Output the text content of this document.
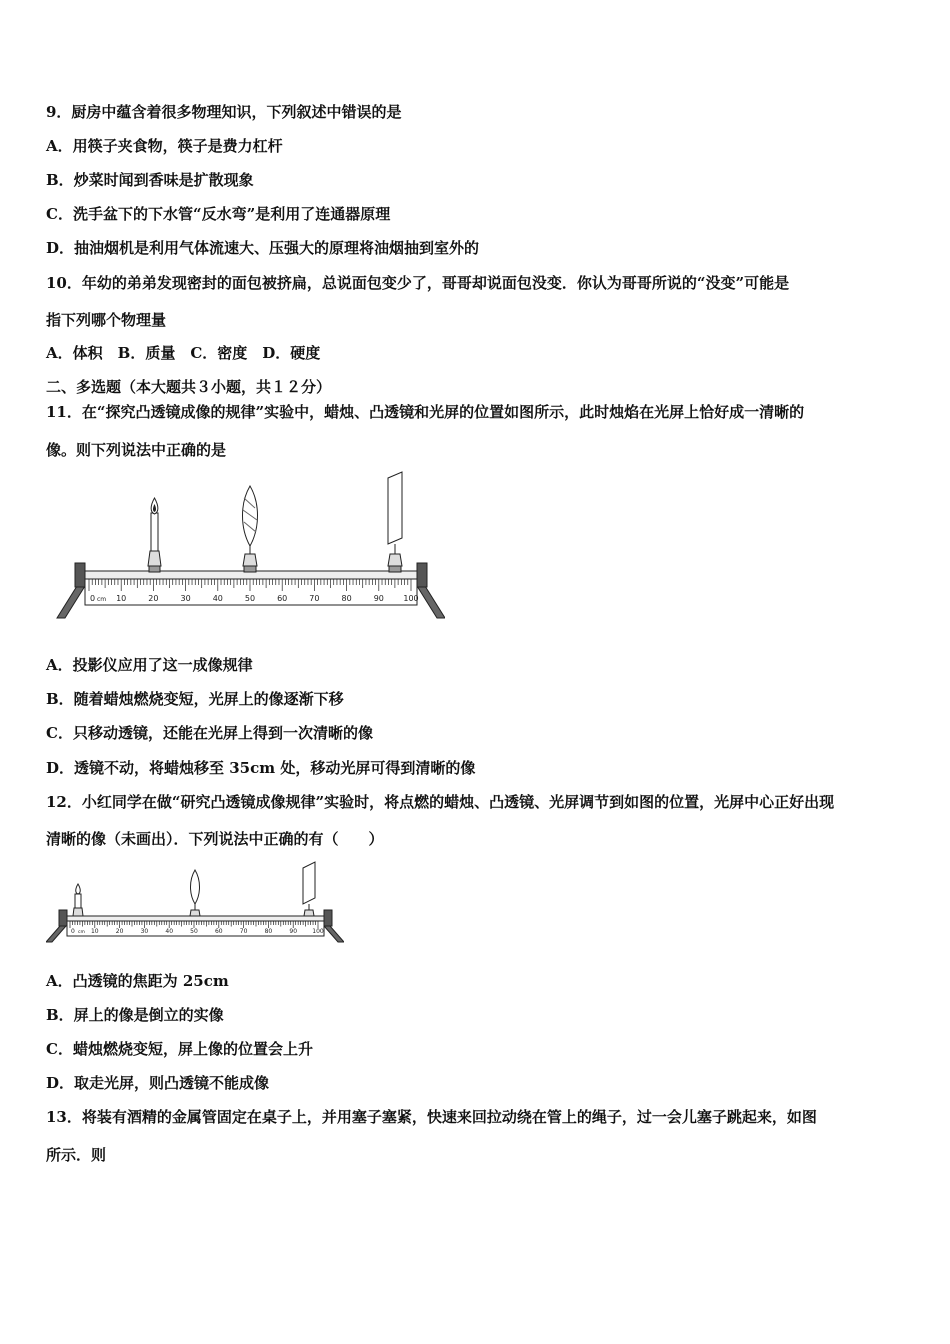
9．厨房中蕴含着很多物理知识，下列叙述中错误的是
A．用筷子夹食物，筷子是费力杠杆
B．炒菜时闻到香味是扩散现象
C．洗手盆下的下水管“反水弯”是利用了连通器原理
D．抽油烟机是利用气体流速大、压强大的原理将油烟抽到室外的
10．年幼的弟弟发现密封的面包被挤扁，总说面包变少了，哥哥却说面包没变．你认为哥哥所说的“没变”可能是
指下列哪个物理量
A．体积　B．质量　C．密度　D．硬度
二、多选题（本大题共３小题，共１２分）
11．在“探究凸透镜成像的规律”实验中，蜡烛、凸透镜和光屏的位置如图所示，此时烛焰在光屏上恰好成一清晰的
像。则下列说法中正确的是
0	10	20	30	40	50	60	70	80	90 100
cm
A．投影仪应用了这一成像规律
B．随着蜡烛燃烧变短，光屏上的像逐渐下移
C．只移动透镜，还能在光屏上得到一次清晰的像
D．透镜不动，将蜡烛移至 35cm 处，移动光屏可得到清晰的像
12．小红同学在做“研究凸透镜成像规律”实验时，将点燃的蜡烛、凸透镜、光屏调节到如图的位置，光屏中心正好出现
清晰的像（未画出）．下列说法中正确的有（　　）
0	10	20	30	40	50	60	70	80	90	100
cm
A．凸透镜的焦距为 25cm
B．屏上的像是倒立的实像
C．蜡烛燃烧变短，屏上像的位置会上升
D．取走光屏，则凸透镜不能成像
13．将装有酒精的金属管固定在桌子上，并用塞子塞紧，快速来回拉动绕在管上的绳子，过一会儿塞子跳起来，如图
所示．则
